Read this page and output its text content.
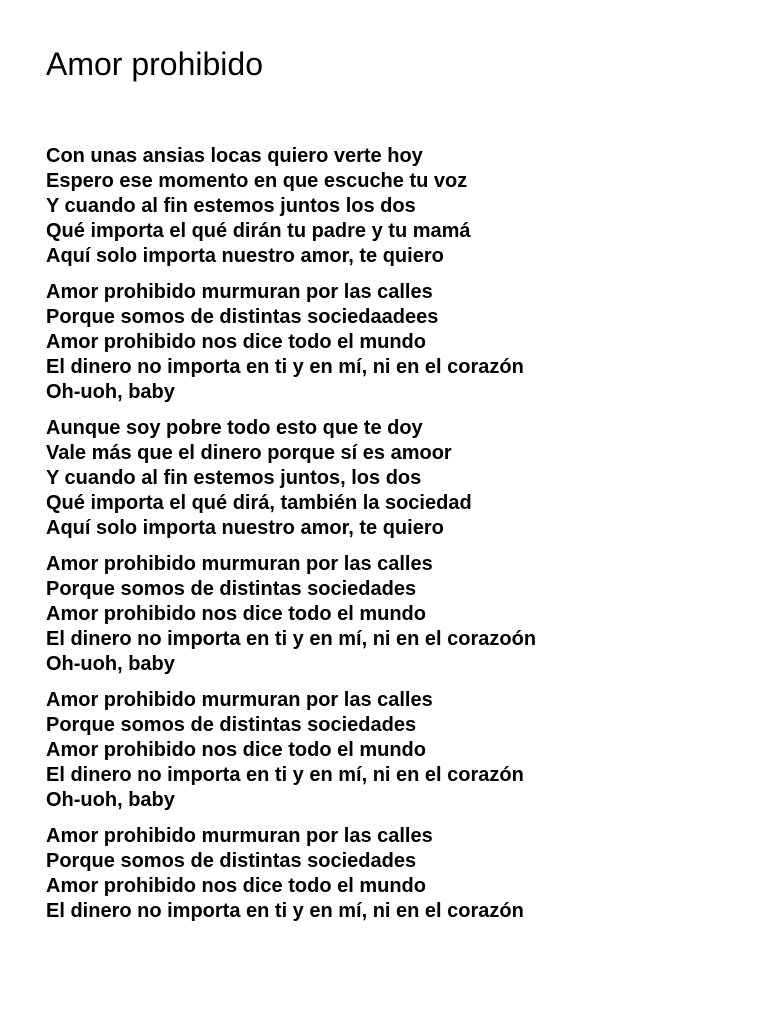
Amor prohibido
Con unas ansias locas quiero verte hoy
Espero ese momento en que escuche tu voz
Y cuando al fin estemos juntos los dos
Qué importa el qué dirán tu padre y tu mamá
Aquí solo importa nuestro amor, te quiero
Amor prohibido murmuran por las calles
Porque somos de distintas sociedaadees
Amor prohibido nos dice todo el mundo
El dinero no importa en ti y en mí, ni en el corazón
Oh-uoh, baby
Aunque soy pobre todo esto que te doy
Vale más que el dinero porque sí es amoor
Y cuando al fin estemos juntos, los dos
Qué importa el qué dirá, también la sociedad
Aquí solo importa nuestro amor, te quiero
Amor prohibido murmuran por las calles
Porque somos de distintas sociedades
Amor prohibido nos dice todo el mundo
El dinero no importa en ti y en mí, ni en el corazoón
Oh-uoh, baby
Amor prohibido murmuran por las calles
Porque somos de distintas sociedades
Amor prohibido nos dice todo el mundo
El dinero no importa en ti y en mí, ni en el corazón
Oh-uoh, baby
Amor prohibido murmuran por las calles
Porque somos de distintas sociedades
Amor prohibido nos dice todo el mundo
El dinero no importa en ti y en mí, ni en el corazón
